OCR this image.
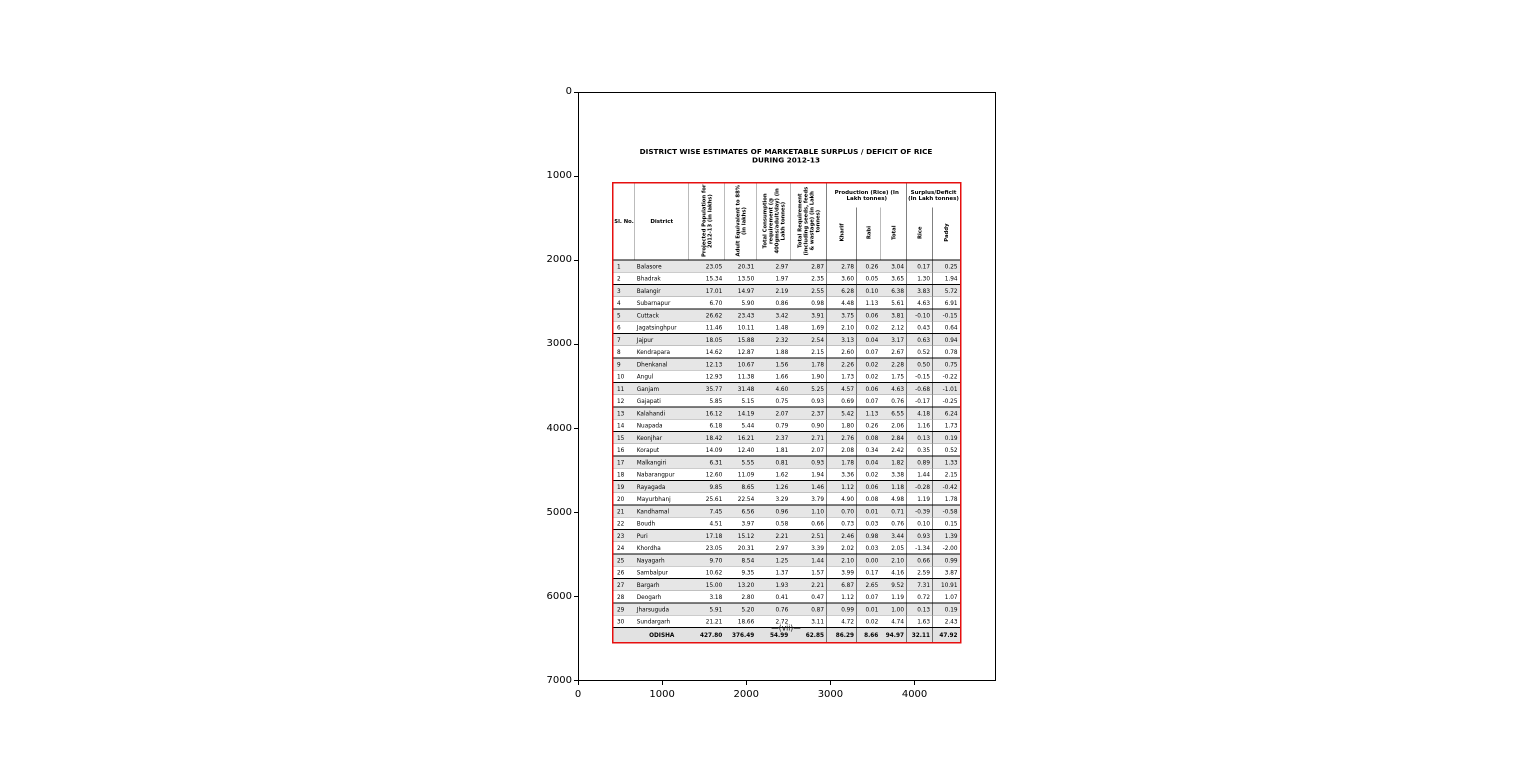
0
1000
2000
3000
4000
5000
6000
7000
0	1000	2000	3000	4000
DISTRICT WISE ESTIMATES OF MARKETABLE SURPLUS / DEFICIT OF RICE
DURING 2012-13
Sl. No.	District	Projected Population for 2012-13 (in lakhs)	Adult Equivalent to 88% (in lakhs)	Total Consumption requirement (@ 400gms/adult/day) (in Lakh tonnes)	Total Requirement (including seeds, feeds & wastage) (in Lakh tonnes)	Production (Rice) (In Lakh tonnes)			Surplus/Deficit (In Lakh tonnes)	
						Kharif	Rabi	Total	Rice	Paddy
1	Balasore	23.05	20.31	2.97	2.87	2.78	0.26	3.04	0.17	0.25
2	Bhadrak	15.34	13.50	1.97	2.35	3.60	0.05	3.65	1.30	1.94
3	Balangir	17.01	14.97	2.19	2.55	6.28	0.10	6.38	3.83	5.72
4	Subarnapur	6.70	5.90	0.86	0.98	4.48	1.13	5.61	4.63	6.91
5	Cuttack	26.62	23.43	3.42	3.91	3.75	0.06	3.81	-0.10	-0.15
6	Jagatsinghpur	11.46	10.11	1.48	1.69	2.10	0.02	2.12	0.43	0.64
7	Jajpur	18.05	15.88	2.32	2.54	3.13	0.04	3.17	0.63	0.94
8	Kendrapara	14.62	12.87	1.88	2.15	2.60	0.07	2.67	0.52	0.78
9	Dhenkanal	12.13	10.67	1.56	1.78	2.26	0.02	2.28	0.50	0.75
10	Angul	12.93	11.38	1.66	1.90	1.73	0.02	1.75	-0.15	-0.22
11	Ganjam	35.77	31.48	4.60	5.25	4.57	0.06	4.63	-0.68	-1.01
12	Gajapati	5.85	5.15	0.75	0.93	0.69	0.07	0.76	-0.17	-0.25
13	Kalahandi	16.12	14.19	2.07	2.37	5.42	1.13	6.55	4.18	6.24
14	Nuapada	6.18	5.44	0.79	0.90	1.80	0.26	2.06	1.16	1.73
15	Keonjhar	18.42	16.21	2.37	2.71	2.76	0.08	2.84	0.13	0.19
16	Koraput	14.09	12.40	1.81	2.07	2.08	0.34	2.42	0.35	0.52
17	Malkangiri	6.31	5.55	0.81	0.93	1.78	0.04	1.82	0.89	1.33
18	Nabarangpur	12.60	11.09	1.62	1.94	3.36	0.02	3.38	1.44	2.15
19	Rayagada	9.85	8.65	1.26	1.46	1.12	0.06	1.18	-0.28	-0.42
20	Mayurbhanj	25.61	22.54	3.29	3.79	4.90	0.08	4.98	1.19	1.78
21	Kandhamal	7.45	6.56	0.96	1.10	0.70	0.01	0.71	-0.39	-0.58
22	Boudh	4.51	3.97	0.58	0.66	0.73	0.03	0.76	0.10	0.15
23	Puri	17.18	15.12	2.21	2.51	2.46	0.98	3.44	0.93	1.39
24	Khordha	23.05	20.31	2.97	3.39	2.02	0.03	2.05	-1.34	-2.00
25	Nayagarh	9.70	8.54	1.25	1.44	2.10	0.00	2.10	0.66	0.99
26	Sambalpur	10.62	9.35	1.37	1.57	3.99	0.17	4.16	2.59	3.87
27	Bargarh	15.00	13.20	1.93	2.21	6.87	2.65	9.52	7.31	10.91
28	Deogarh	3.18	2.80	0.41	0.47	1.12	0.07	1.19	0.72	1.07
29	Jharsuguda	5.91	5.20	0.76	0.87	0.99	0.01	1.00	0.13	0.19
30	Sundargarh	21.21	18.66	2.72	3.11	4.72	0.02	4.74	1.63	2.43
	ODISHA	427.80	376.49	54.99	62.85	86.29	8.66	94.97	32.11	47.92
—(vii)—
